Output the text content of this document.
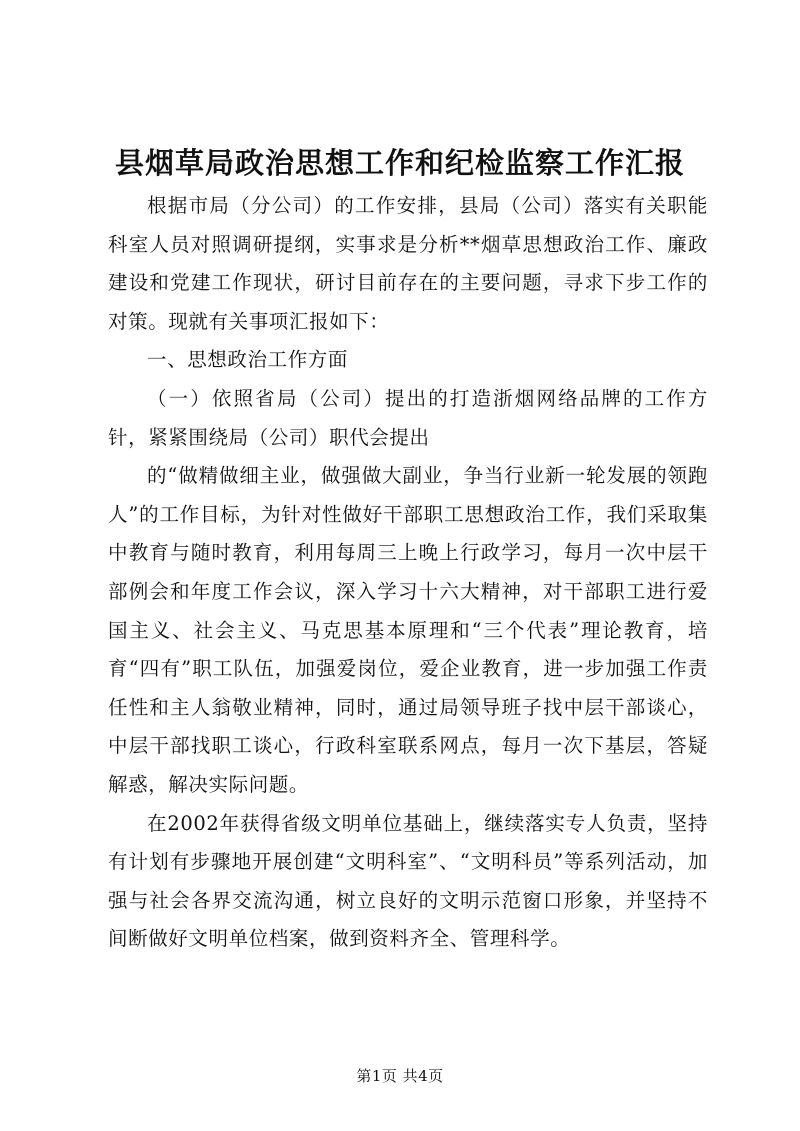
县烟草局政治思想工作和纪检监察工作汇报

根据市局（分公司）的工作安排，县局（公司）落实有关职能科室人员对照调研提纲，实事求是分析**烟草思想政治工作、廉政建设和党建工作现状，研讨目前存在的主要问题，寻求下步工作的对策。现就有关事项汇报如下：

一、思想政治工作方面

（一）依照省局（公司）提出的打造浙烟网络品牌的工作方针，紧紧围绕局（公司）职代会提出

的“做精做细主业，做强做大副业，争当行业新一轮发展的领跑人”的工作目标，为针对性做好干部职工思想政治工作，我们采取集中教育与随时教育，利用每周三上晚上行政学习，每月一次中层干部例会和年度工作会议，深入学习十六大精神，对干部职工进行爱国主义、社会主义、马克思基本原理和“三个代表”理论教育，培育“四有”职工队伍，加强爱岗位，爱企业教育，进一步加强工作责任性和主人翁敬业精神，同时，通过局领导班子找中层干部谈心，中层干部找职工谈心，行政科室联系网点，每月一次下基层，答疑解惑，解决实际问题。

在2002年获得省级文明单位基础上，继续落实专人负责，坚持有计划有步骤地开展创建“文明科室”、“文明科员”等系列活动，加强与社会各界交流沟通，树立良好的文明示范窗口形象，并坚持不间断做好文明单位档案，做到资料齐全、管理科学。

第1页 共4页
